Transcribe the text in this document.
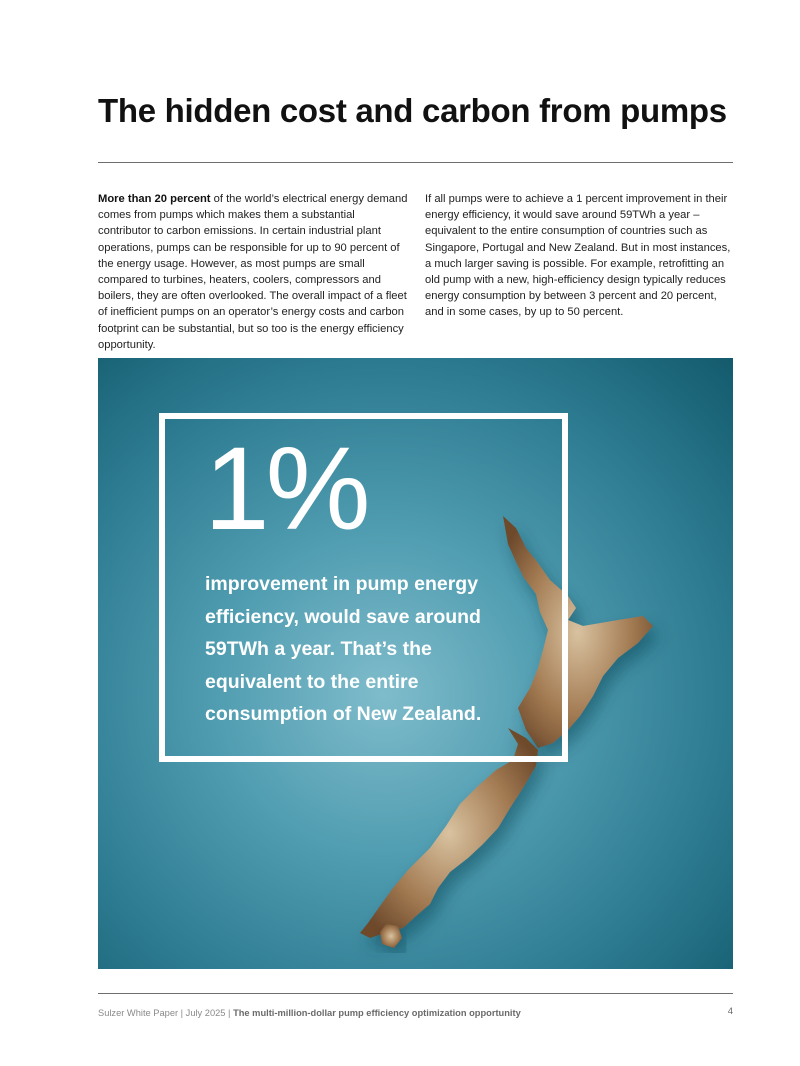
The hidden cost and carbon from pumps

More than 20 percent of the world’s electrical energy demand comes from pumps which makes them a substantial contributor to carbon emissions. In certain industrial plant operations, pumps can be responsible for up to 90 percent of the energy usage. However, as most pumps are small compared to turbines, heaters, coolers, compressors and boilers, they are often overlooked. The overall impact of a fleet of inefficient pumps on an operator’s energy costs and carbon footprint can be substantial, but so too is the energy efficiency opportunity.

If all pumps were to achieve a 1 percent improvement in their energy efficiency, it would save around 59TWh a year – equivalent to the entire consumption of countries such as Singapore, Portugal and New Zealand. But in most instances, a much larger saving is possible. For example, retrofitting an old pump with a new, high-efficiency design typically reduces energy consumption by between 3 percent and 20 percent, and in some cases, by up to 50 percent.

1%

improvement in pump energy efficiency, would save around 59TWh a year. That’s the equivalent to the entire consumption of New Zealand.

Sulzer White Paper | July 2025 | The multi-million-dollar pump efficiency optimization opportunity	4
